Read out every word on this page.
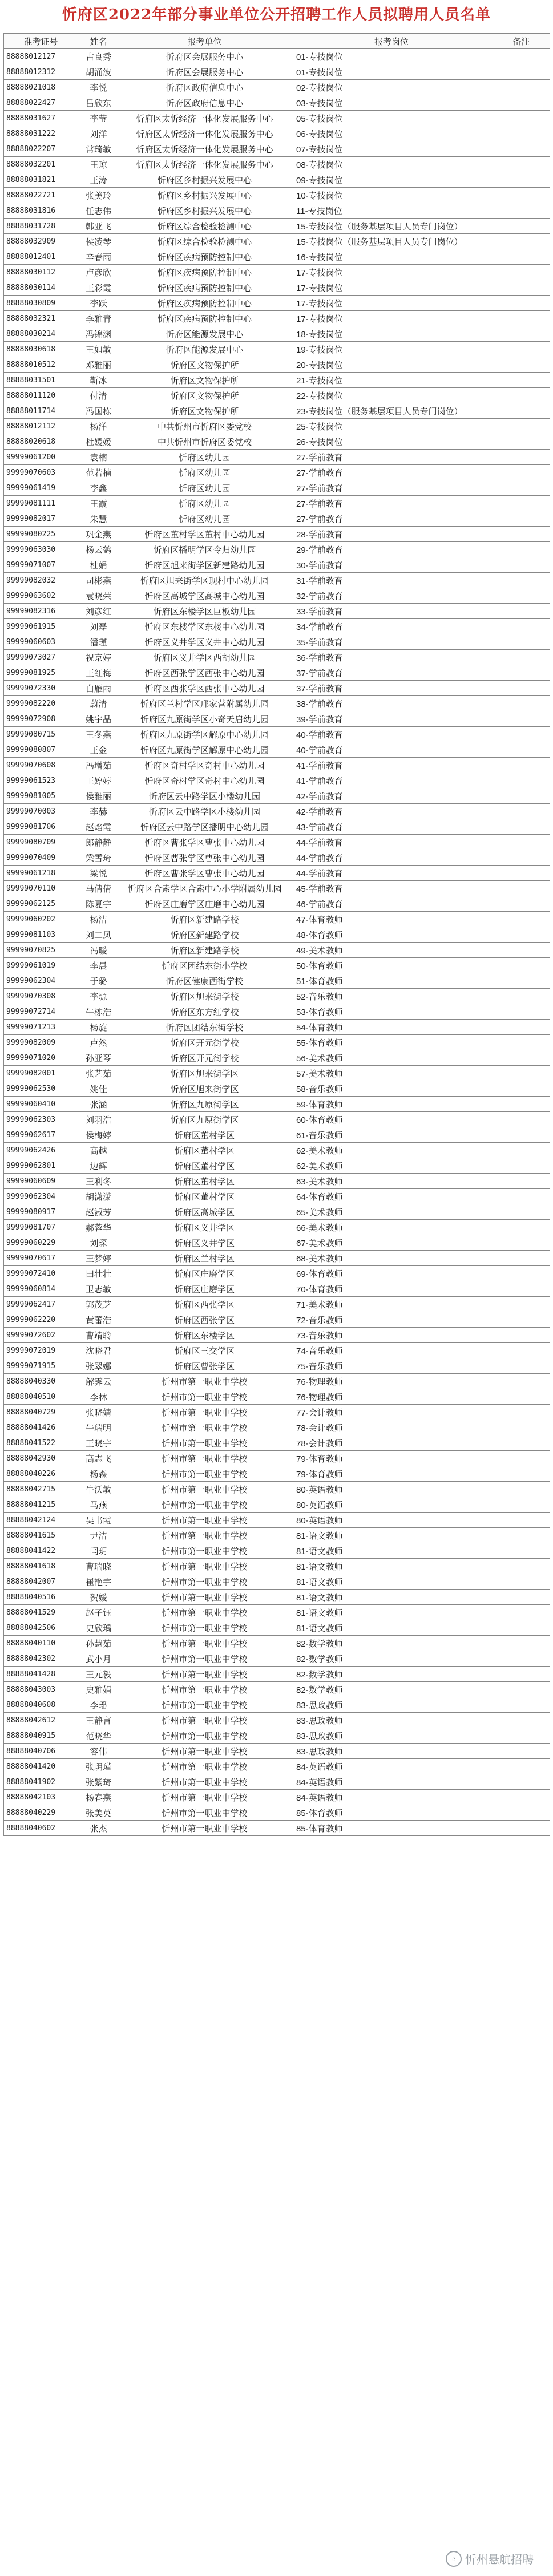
忻府区2022年部分事业单位公开招聘工作人员拟聘用人员名单
准考证号	姓名	报考单位	报考岗位	备注
88888012127	古良秀	忻府区会展服务中心	01-专技岗位	
88888012312	胡涌波	忻府区会展服务中心	01-专技岗位	
88888021018	李悦	忻府区政府信息中心	02-专技岗位	
88888022427	吕欣东	忻府区政府信息中心	03-专技岗位	
88888031627	李莹	忻府区太忻经济一体化发展服务中心	05-专技岗位	
88888031222	刘洋	忻府区太忻经济一体化发展服务中心	06-专技岗位	
88888022207	常琦敏	忻府区太忻经济一体化发展服务中心	07-专技岗位	
88888032201	王琼	忻府区太忻经济一体化发展服务中心	08-专技岗位	
88888031821	王涛	忻府区乡村振兴发展中心	09-专技岗位	
88888022721	张美玲	忻府区乡村振兴发展中心	10-专技岗位	
88888031816	任志伟	忻府区乡村振兴发展中心	11-专技岗位	
88888031728	韩亚飞	忻府区综合检验检测中心	15-专技岗位（服务基层项目人员专门岗位）	
88888032909	侯凌琴	忻府区综合检验检测中心	15-专技岗位（服务基层项目人员专门岗位）	
88888012401	辛春雨	忻府区疾病预防控制中心	16-专技岗位	
88888030112	卢彦欣	忻府区疾病预防控制中心	17-专技岗位	
88888030114	王彩霞	忻府区疾病预防控制中心	17-专技岗位	
88888030809	李跃	忻府区疾病预防控制中心	17-专技岗位	
88888032321	李雅青	忻府区疾病预防控制中心	17-专技岗位	
88888030214	冯锦渊	忻府区能源发展中心	18-专技岗位	
88888030618	王如敏	忻府区能源发展中心	19-专技岗位	
88888010512	邓雅丽	忻府区文物保护所	20-专技岗位	
88888031501	靳冰	忻府区文物保护所	21-专技岗位	
88888011120	付清	忻府区文物保护所	22-专技岗位	
88888011714	冯国栋	忻府区文物保护所	23-专技岗位（服务基层项目人员专门岗位）	
88888012112	杨洋	中共忻州市忻府区委党校	25-专技岗位	
88888020618	杜媛媛	中共忻州市忻府区委党校	26-专技岗位	
99999061200	袁楠	忻府区幼儿园	27-学前教育	
99999070603	范若楠	忻府区幼儿园	27-学前教育	
99999061419	李鑫	忻府区幼儿园	27-学前教育	
99999081111	王霞	忻府区幼儿园	27-学前教育	
99999082017	朱慧	忻府区幼儿园	27-学前教育	
99999080225	巩金燕	忻府区董村学区董村中心幼儿园	28-学前教育	
99999063030	杨云鹤	忻府区播明学区令归幼儿园	29-学前教育	
99999071007	杜娟	忻府区旭来街学区新建路幼儿园	30-学前教育	
99999082032	司彬燕	忻府区旭来街学区现村中心幼儿园	31-学前教育	
99999063602	袁晓荣	忻府区高城学区高城中心幼儿园	32-学前教育	
99999082316	刘彦红	忻府区东楼学区巨板幼儿园	33-学前教育	
99999061915	刘磊	忻府区东楼学区东楼中心幼儿园	34-学前教育	
99999060603	潘瑾	忻府区义井学区义井中心幼儿园	35-学前教育	
99999073027	祝京婷	忻府区义井学区西胡幼儿园	36-学前教育	
99999081925	王红梅	忻府区西张学区西张中心幼儿园	37-学前教育	
99999072330	白雁雨	忻府区西张学区西张中心幼儿园	37-学前教育	
99999082220	蔚清	忻府区兰村学区邢家营附属幼儿园	38-学前教育	
99999072908	姚宇晶	忻府区九原街学区小奇天启幼儿园	39-学前教育	
99999080715	王冬燕	忻府区九原街学区解原中心幼儿园	40-学前教育	
99999080807	王金	忻府区九原街学区解原中心幼儿园	40-学前教育	
99999070608	冯增茹	忻府区奇村学区奇村中心幼儿园	41-学前教育	
99999061523	王婷婷	忻府区奇村学区奇村中心幼儿园	41-学前教育	
99999081005	侯雅丽	忻府区云中路学区小楼幼儿园	42-学前教育	
99999070003	李赫	忻府区云中路学区小楼幼儿园	42-学前教育	
99999081706	赵焰霞	忻府区云中路学区播明中心幼儿园	43-学前教育	
99999080709	郎静静	忻府区曹张学区曹张中心幼儿园	44-学前教育	
99999070409	梁雪琦	忻府区曹张学区曹张中心幼儿园	44-学前教育	
99999061218	梁悦	忻府区曹张学区曹张中心幼儿园	44-学前教育	
99999070110	马倩倩	忻府区合索学区合索中心小学附属幼儿园	45-学前教育	
99999062125	陈夏宇	忻府区庄磨学区庄磨中心幼儿园	46-学前教育	
99999060202	杨洁	忻府区新建路学校	47-体育教师	
99999081103	刘二凤	忻府区新建路学校	48-体育教师	
99999070825	冯暖	忻府区新建路学校	49-美术教师	
99999061019	李晨	忻府区团结东街小学校	50-体育教师	
99999062304	于璐	忻府区健康西街学校	51-体育教师	
99999070308	李塬	忻府区旭来街学校	52-音乐教师	
99999072714	牛栋浩	忻府区东方红学校	53-体育教师	
99999071213	杨旋	忻府区团结东街学校	54-体育教师	
99999082009	卢然	忻府区开元街学校	55-体育教师	
99999071020	孙亚琴	忻府区开元街学校	56-美术教师	
99999082001	张艺茹	忻府区旭来街学区	57-美术教师	
99999062530	姚佳	忻府区旭来街学区	58-音乐教师	
99999060410	张涵	忻府区九原街学区	59-体育教师	
99999062303	刘羽浩	忻府区九原街学区	60-体育教师	
99999062617	侯梅婷	忻府区董村学区	61-音乐教师	
99999062426	高越	忻府区董村学区	62-美术教师	
99999062801	边辉	忻府区董村学区	62-美术教师	
99999060609	王利冬	忻府区董村学区	63-美术教师	
99999062304	胡潇潇	忻府区董村学区	64-体育教师	
99999080917	赵淑芳	忻府区高城学区	65-美术教师	
99999081707	郝蓉华	忻府区义井学区	66-美术教师	
99999060229	刘琛	忻府区义井学区	67-美术教师	
99999070617	王梦婷	忻府区兰村学区	68-美术教师	
99999072410	田壮壮	忻府区庄磨学区	69-体育教师	
99999060814	卫志敏	忻府区庄磨学区	70-体育教师	
99999062417	郭茂芝	忻府区西张学区	71-美术教师	
99999062220	黄蕾浩	忻府区西张学区	72-音乐教师	
99999072602	曹靖聆	忻府区东楼学区	73-音乐教师	
99999072019	沈晓君	忻府区三交学区	74-音乐教师	
99999071915	张翠娜	忻府区曹张学区	75-音乐教师	
88888040330	解霁云	忻州市第一职业中学校	76-物理教师	
88888040510	李林	忻州市第一职业中学校	76-物理教师	
88888040729	张晓婧	忻州市第一职业中学校	77-会计教师	
88888041426	牛瑞明	忻州市第一职业中学校	78-会计教师	
88888041522	王晓宇	忻州市第一职业中学校	78-会计教师	
88888042930	高志飞	忻州市第一职业中学校	79-体育教师	
88888040226	杨森	忻州市第一职业中学校	79-体育教师	
88888042715	牛沃敏	忻州市第一职业中学校	80-英语教师	
88888041215	马燕	忻州市第一职业中学校	80-英语教师	
88888042124	吴书霞	忻州市第一职业中学校	80-英语教师	
88888041615	尹洁	忻州市第一职业中学校	81-语文教师	
88888041422	闫玥	忻州市第一职业中学校	81-语文教师	
88888041618	曹瑞晓	忻州市第一职业中学校	81-语文教师	
88888042007	崔艳宇	忻州市第一职业中学校	81-语文教师	
88888040516	贺媛	忻州市第一职业中学校	81-语文教师	
88888041529	赵子钰	忻州市第一职业中学校	81-语文教师	
88888042506	史欣瑀	忻州市第一职业中学校	81-语文教师	
88888040110	孙慧茹	忻州市第一职业中学校	82-数学教师	
88888042302	武小月	忻州市第一职业中学校	82-数学教师	
88888041428	王元毅	忻州市第一职业中学校	82-数学教师	
88888043003	史雅娟	忻州市第一职业中学校	82-数学教师	
88888040608	李瑶	忻州市第一职业中学校	83-思政教师	
88888042612	王静言	忻州市第一职业中学校	83-思政教师	
88888040915	范晓华	忻州市第一职业中学校	83-思政教师	
88888040706	容伟	忻州市第一职业中学校	83-思政教师	
88888041420	张玥瑾	忻州市第一职业中学校	84-英语教师	
88888041902	张紫琦	忻州市第一职业中学校	84-英语教师	
88888042103	杨春燕	忻州市第一职业中学校	84-英语教师	
88888040229	张美英	忻州市第一职业中学校	85-体育教师	
88888040602	张杰	忻州市第一职业中学校	85-体育教师	
◔ 忻州悬航招聘
